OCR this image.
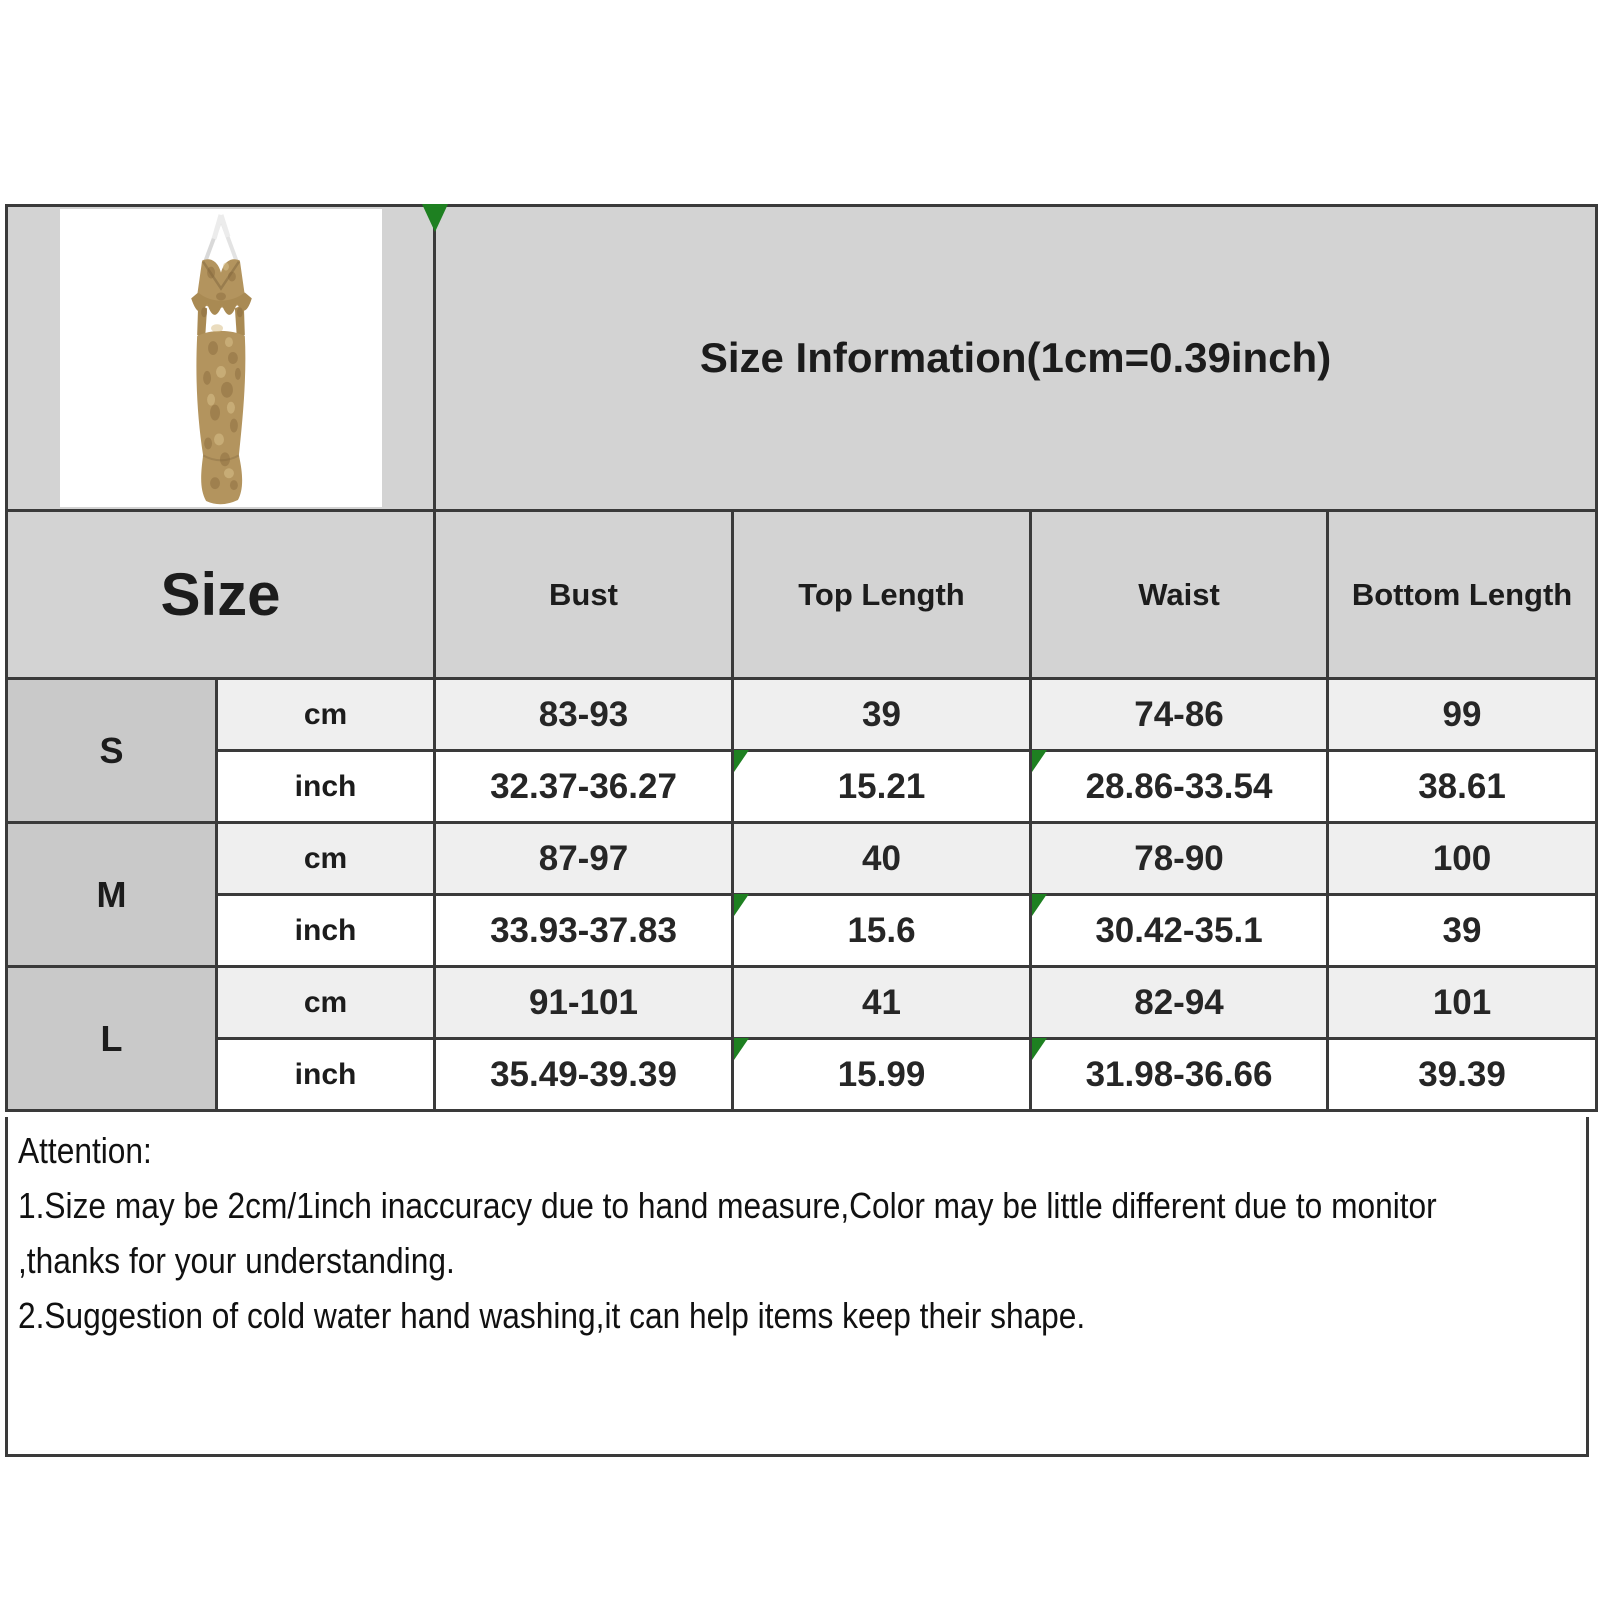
Size Information(1cm=0.39inch)			
Size		Bust	Top Length	Waist	Bottom Length
S	cm	83-93	39	74-86	99
	inch	32.37-36.27	15.21	28.86-33.54	38.61
M	cm	87-97	40	78-90	100
	inch	33.93-37.83	15.6	30.42-35.1	39
L	cm	91-101	41	82-94	101
	inch	35.49-39.39	15.99	31.98-36.66	39.39
Attention:
1.Size may be 2cm/1inch inaccuracy due to hand measure,Color may be little different due to monitor
,thanks for your understanding.
2.Suggestion of cold water hand washing,it can help items keep their shape.
